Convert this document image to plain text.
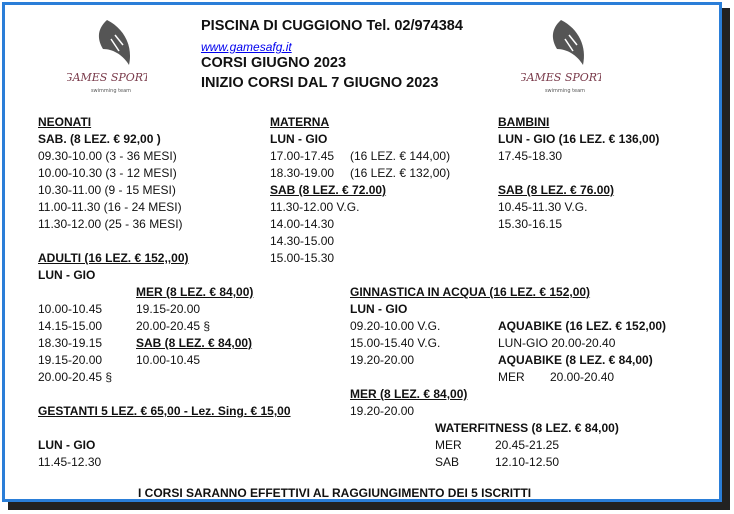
GAMES SPORT
swimming team
GAMES SPORT
swimming team
PISCINA DI CUGGIONO Tel. 02/974384
www.gamesafg.it
CORSI GIUGNO 2023
INIZIO CORSI DAL 7 GIUGNO 2023
NEONATI
SAB. (8 LEZ. € 92,00 )
09.30-10.00 (3 - 36 MESI)
10.00-10.30 (3 - 12 MESI)
10.30-11.00 (9 - 15 MESI)
11.00-11.30 (16 - 24 MESI)
11.30-12.00 (25 - 36 MESI)
MATERNA
LUN - GIO
17.00-17.45 (16 LEZ. € 144,00)
18.30-19.00 (16 LEZ. € 132,00)
SAB (8 LEZ. € 72.00)
11.30-12.00 V.G.
14.00-14.30
14.30-15.00
15.00-15.30
BAMBINI
LUN - GIO (16 LEZ. € 136,00)
17.45-18.30
SAB (8 LEZ. € 76.00)
10.45-11.30 V.G.
15.30-16.15
ADULTI (16 LEZ. € 152,,00)
LUN - GIO
MER (8 LEZ. € 84,00)
10.00-10.45	19.15-20.00
14.15-15.00	20.00-20.45 §
18.30-19.15	SAB (8 LEZ. € 84,00)
19.15-20.00	10.00-10.45
20.00-20.45 §
GINNASTICA IN ACQUA (16 LEZ. € 152,00)
LUN - GIO
09.20-10.00 V.G.
15.00-15.40 V.G.
19.20-20.00
MER (8 LEZ. € 84,00)
19.20-20.00
AQUABIKE (16 LEZ. € 152,00)
LUN-GIO 20.00-20.40
AQUABIKE (8 LEZ. € 84,00)
MER 20.00-20.40
GESTANTI 5 LEZ. € 65,00 - Lez. Sing. € 15,00
LUN - GIO
11.45-12.30
WATERFITNESS (8 LEZ. € 84,00)
MER	20.45-21.25
SAB	12.10-12.50
I CORSI SARANNO EFFETTIVI AL RAGGIUNGIMENTO DEI 5 ISCRITTI
